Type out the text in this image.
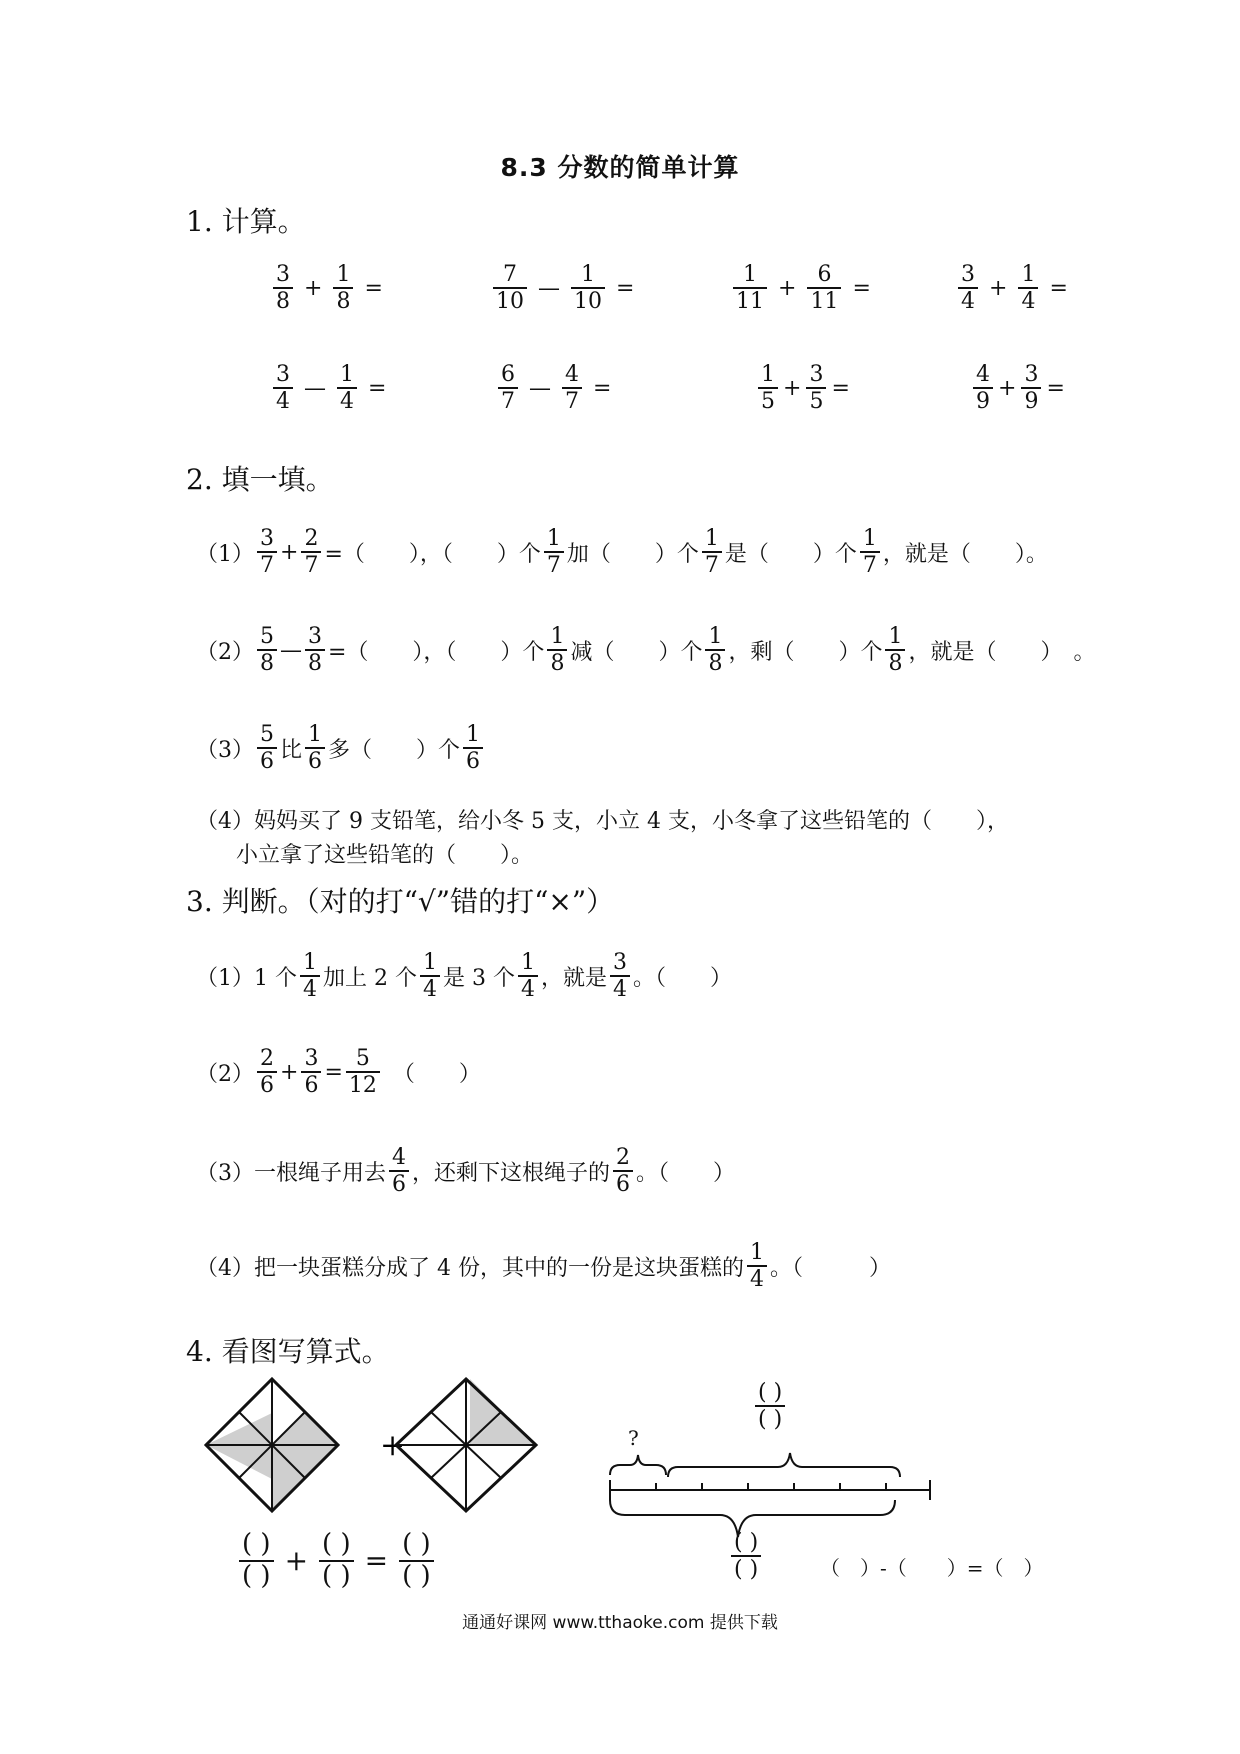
8.3 分数的简单计算
1. 计算。
$\frac{3}{8} + \frac{1}{8}$ =	$\frac{7}{10}$ — $\frac{1}{10}$ =	$\frac{1}{11} + \frac{6}{11}$ =	$\frac{3}{4} + \frac{1}{4}$ =
$\frac{3}{4}$ — $\frac{1}{4}$ =	$\frac{6}{7}$ — $\frac{4}{7}$ =	$\frac{1}{5} + \frac{3}{5}$ =	$\frac{4}{9} + \frac{3}{9}$ =
2. 填一填。
$(1) \frac{3}{7} + \frac{2}{7}$ =（　　），（　　）个 $\frac{1}{7}$ 加（　　）个 $\frac{1}{7}$ 是（　　）个 $\frac{1}{7}$ ，就是（　　）。
$(2) \frac{5}{8}$ — $\frac{3}{8}$ =（　　），（　　）个 $\frac{1}{8}$ 减（　　）个 $\frac{1}{8}$ ，剩（　　）个 $\frac{1}{8}$ ，就是（　　）　。
$(3) \frac{5}{6}$ 比 $\frac{1}{6}$ 多（　　）个 $\frac{1}{6}$
（4）妈妈买了 9 支铅笔，给小冬 5 支，小立 4 支，小冬拿了这些铅笔的（　　），
小立拿了这些铅笔的（　　）。
3. 判断。（对的打“√”错的打“×”）
（1） 1 个 $\frac{1}{4}$ 加上 2 个 $\frac{1}{4}$ 是 3 个 $\frac{1}{4}$ ，就是 $\frac{3}{4}$ 。（　　）
$(2) \frac{2}{6} + \frac{3}{6} = \frac{5}{12}$ （　　）
（3） 一根绳子用去 $\frac{4}{6}$ ，还剩下这根绳子的 $\frac{2}{6}$ 。（　　）
（4） 把一块蛋糕分成了 4 份，其中的一份是这块蛋糕的 $\frac{1}{4}$ 。（　　　）
4. 看图写算式。
+
$\frac{( )}{( )} + \frac{( )}{( )} = \frac{( )}{( )}$
$\frac{( )}{( )}$
?
$\frac{( )}{( )}$	（　）-（　　）=（　）
通通好课网 www.tthaoke.com 提供下载
